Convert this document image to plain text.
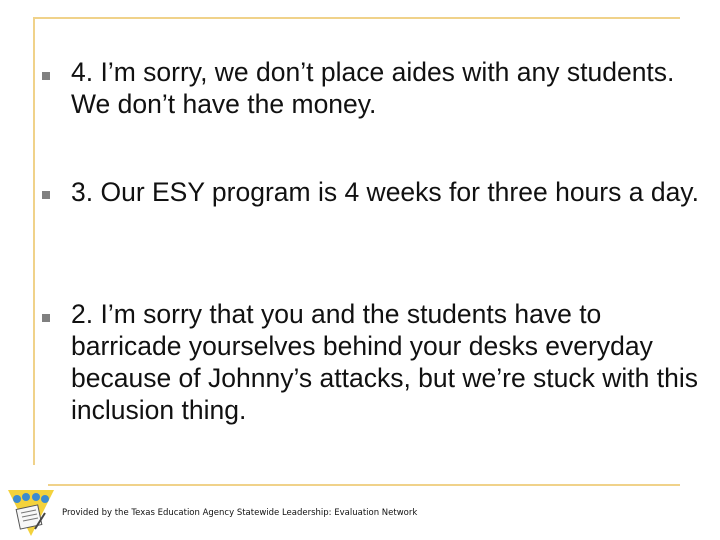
4. I’m sorry, we don’t place aides with any students. We don’t have the money.
3. Our ESY program is 4 weeks for three hours a day.
2. I’m sorry that you and the students have to barricade yourselves behind your desks everyday because of Johnny’s attacks, but we’re stuck with this inclusion thing.
Provided by the Texas Education Agency Statewide Leadership: Evaluation Network
